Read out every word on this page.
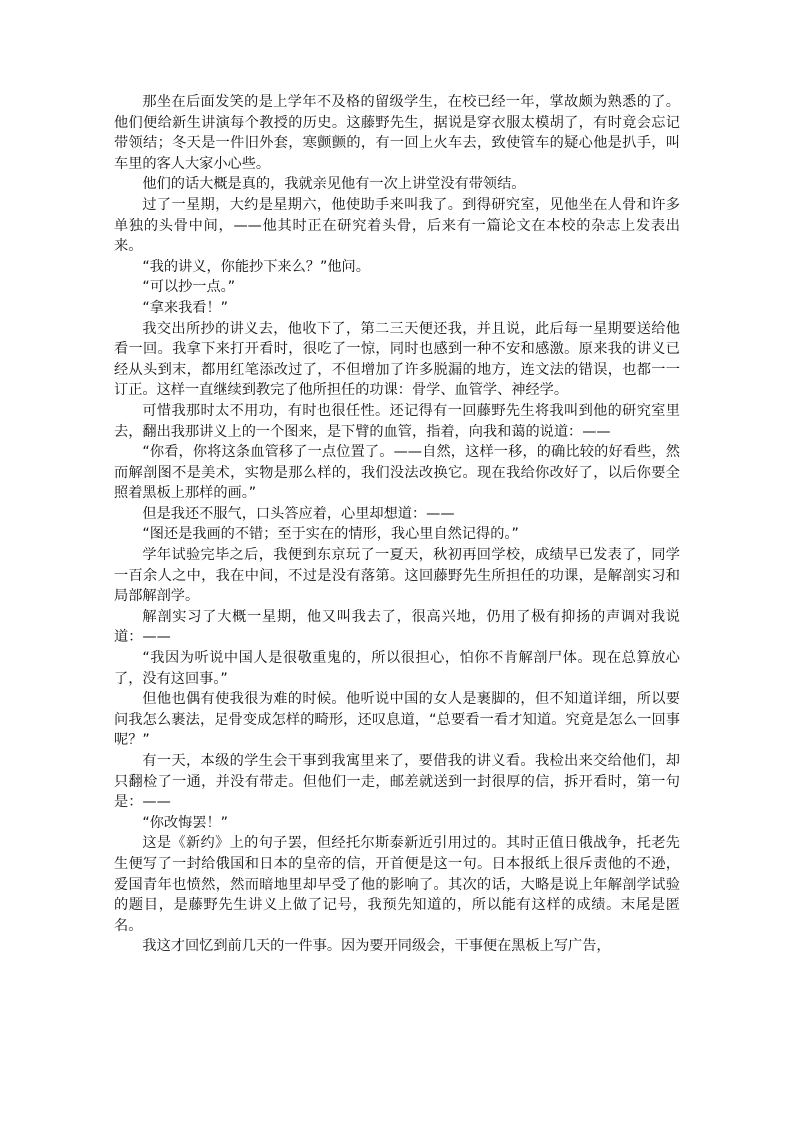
那坐在后面发笑的是上学年不及格的留级学生，在校已经一年，掌故颇为熟悉的了。他们便给新生讲演每个教授的历史。这藤野先生，据说是穿衣服太模胡了，有时竟会忘记带领结；冬天是一件旧外套，寒颤颤的，有一回上火车去，致使管车的疑心他是扒手，叫车里的客人大家小心些。

他们的话大概是真的，我就亲见他有一次上讲堂没有带领结。

过了一星期，大约是星期六，他使助手来叫我了。到得研究室，见他坐在人骨和许多单独的头骨中间，——他其时正在研究着头骨，后来有一篇论文在本校的杂志上发表出来。

“我的讲义，你能抄下来么？”他问。

“可以抄一点。”

“拿来我看！”

我交出所抄的讲义去，他收下了，第二三天便还我，并且说，此后每一星期要送给他看一回。我拿下来打开看时，很吃了一惊，同时也感到一种不安和感激。原来我的讲义已经从头到末，都用红笔添改过了，不但增加了许多脱漏的地方，连文法的错误，也都一一订正。这样一直继续到教完了他所担任的功课：骨学、血管学、神经学。

可惜我那时太不用功，有时也很任性。还记得有一回藤野先生将我叫到他的研究室里去，翻出我那讲义上的一个图来，是下臂的血管，指着，向我和蔼的说道：——

“你看，你将这条血管移了一点位置了。——自然，这样一移，的确比较的好看些，然而解剖图不是美术，实物是那么样的，我们没法改换它。现在我给你改好了，以后你要全照着黑板上那样的画。”

但是我还不服气，口头答应着，心里却想道：——

“图还是我画的不错；至于实在的情形，我心里自然记得的。”

学年试验完毕之后，我便到东京玩了一夏天，秋初再回学校，成绩早已发表了，同学一百余人之中，我在中间，不过是没有落第。这回藤野先生所担任的功课，是解剖实习和局部解剖学。

解剖实习了大概一星期，他又叫我去了，很高兴地，仍用了极有抑扬的声调对我说道：——

“我因为听说中国人是很敬重鬼的，所以很担心，怕你不肯解剖尸体。现在总算放心了，没有这回事。”

但他也偶有使我很为难的时候。他听说中国的女人是裹脚的，但不知道详细，所以要问我怎么裹法，足骨变成怎样的畸形，还叹息道，“总要看一看才知道。究竟是怎么一回事呢？”

有一天，本级的学生会干事到我寓里来了，要借我的讲义看。我检出来交给他们，却只翻检了一通，并没有带走。但他们一走，邮差就送到一封很厚的信，拆开看时，第一句是：——

“你改悔罢！”

这是《新约》上的句子罢，但经托尔斯泰新近引用过的。其时正值日俄战争，托老先生便写了一封给俄国和日本的皇帝的信，开首便是这一句。日本报纸上很斥责他的不逊，爱国青年也愤然，然而暗地里却早受了他的影响了。其次的话，大略是说上年解剖学试验的题目，是藤野先生讲义上做了记号，我预先知道的，所以能有这样的成绩。末尾是匿名。

我这才回忆到前几天的一件事。因为要开同级会，干事便在黑板上写广告，
